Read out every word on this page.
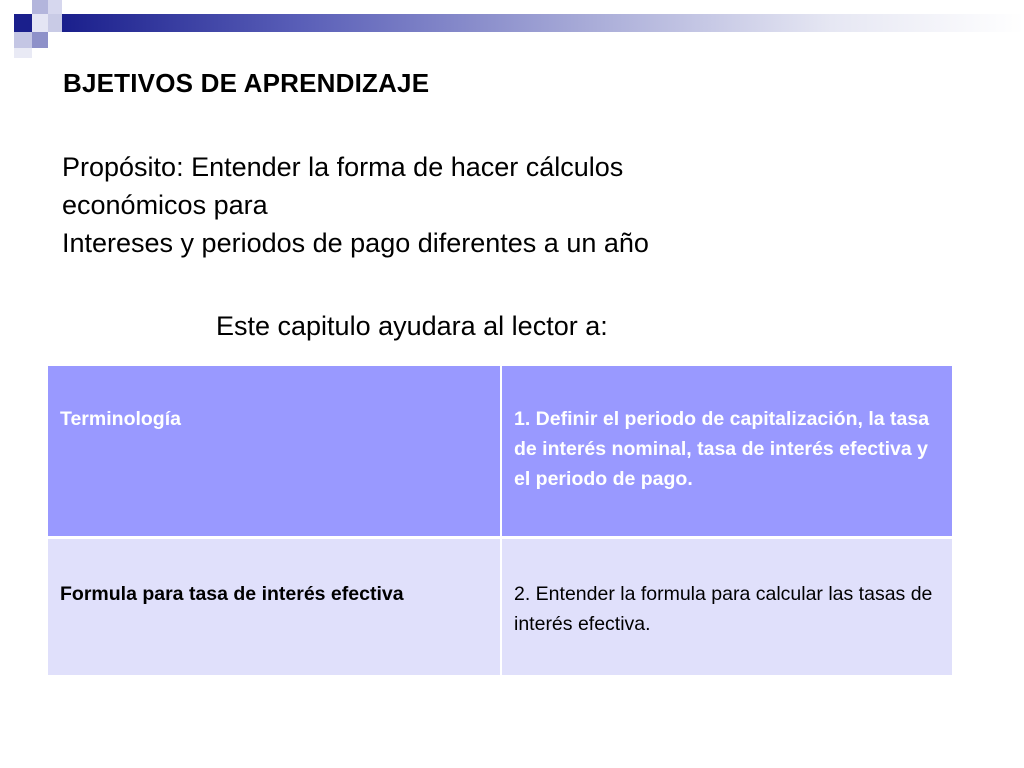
BJETIVOS DE APRENDIZAJE
Propósito: Entender la forma de hacer cálculos
económicos para
Intereses y periodos de pago diferentes a un año
Este capitulo ayudara al lector a:
Terminología	1. Definir el periodo de capitalización, la tasa de interés nominal, tasa de interés efectiva y el periodo de pago.
Formula para tasa de interés efectiva	2. Entender la formula para calcular las tasas de interés efectiva.
